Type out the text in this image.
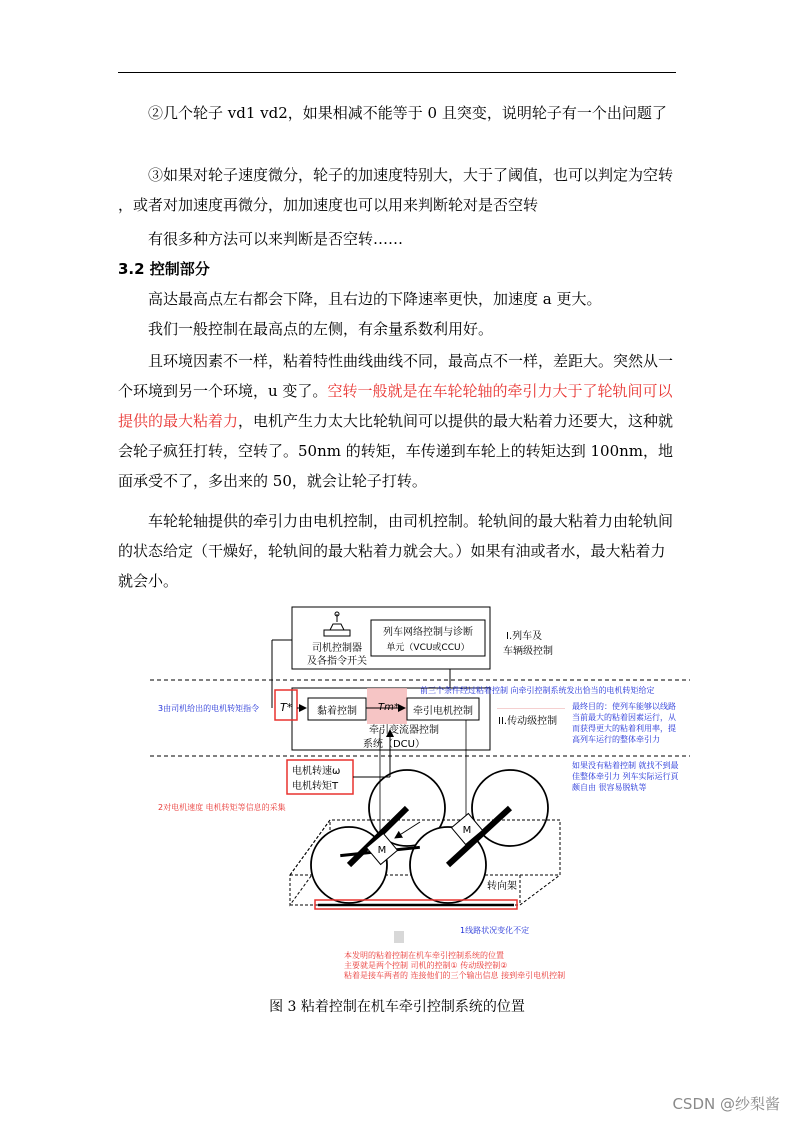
②几个轮子 vd1 vd2，如果相减不能等于 0 且突变，说明轮子有一个出问题了

③如果对轮子速度微分，轮子的加速度特别大，大于了阈值，也可以判定为空转 ，或者对加速度再微分，加加速度也可以用来判断轮对是否空转

有很多种方法可以来判断是否空转……

3.2 控制部分

高达最高点左右都会下降，且右边的下降速率更快，加速度 a 更大。

我们一般控制在最高点的左侧，有余量系数利用好。

且环境因素不一样，粘着特性曲线曲线不同，最高点不一样，差距大。突然从一个环境到另一个环境，u 变了。空转一般就是在车轮轮轴的牵引力大于了轮轨间可以提供的最大粘着力，电机产生力太大比轮轨间可以提供的最大粘着力还要大，这种就会轮子疯狂打转，空转了。50nm 的转矩，车传递到车轮上的转矩达到 100nm，地面承受不了，多出来的 50，就会让轮子打转。

车轮轮轴提供的牵引力由电机控制，由司机控制。轮轨间的最大粘着力由轮轨间的状态给定（干燥好，轮轨间的最大粘着力就会大。）如果有油或者水，最大粘着力就会小。

司机控制器
及各指令开关
列车网络控制与诊断
单元（VCU或CCU）
I.列车及
车辆级控制
T* 黏着控制 Tm* 牵引电机控制
牵引变流器控制
系统（DCU）
II.传动级控制
电机转速ω
电机转矩T
M
M
转向架
3由司机给出的电机转矩指令
前三个条件经过粘着控制 向牵引控制系统发出恰当的电机转矩给定
最终目的：使列车能够以线路
当前最大的粘着因素运行，从
而获得更大的粘着利用率，提
高列车运行的整体牵引力
如果没有粘着控制 就找不到最
佳整体牵引力 列车实际运行頁
颇自由 很容易脱轨等
2对电机速度 电机转矩等信息的采集
1线路状况变化不定
本发明的粘着控制在机车牵引控制系统的位置
主要就是两个控制 司机的控制① 传动级控制②
粘着是接车两者的 连接他们的三个输出信息 接到牵引电机控制
图 3 粘着控制在机车牵引控制系统的位置
CSDN @纱梨酱
